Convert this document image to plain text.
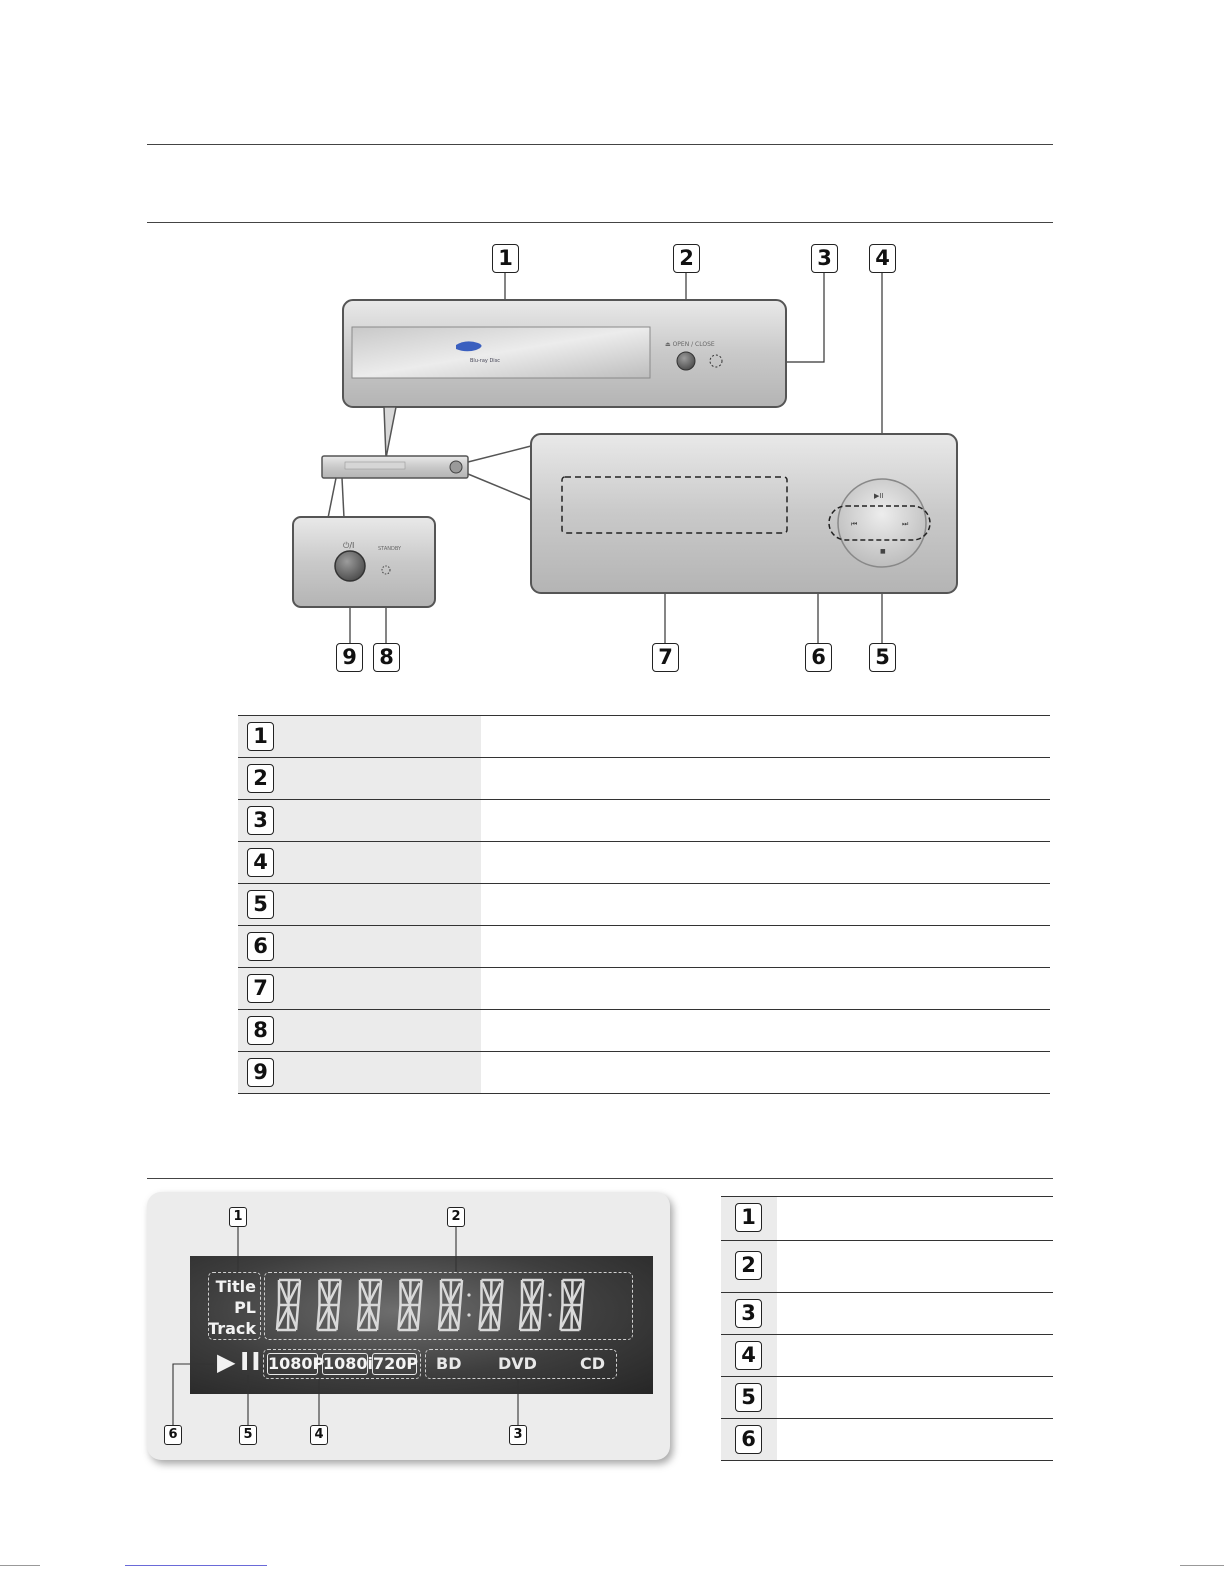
Blu-ray Disc
⏏ OPEN / CLOSE
⏻/I	STANDBY
▶II
⏮	⏭
■
1	2	3 4
9 8	7	6 5
1
2
3
4
5
6
7
8
9
Title
PL
Track
▶ II 1080P
1080i 720P BD DVD	CD
1	2
6	5	4	3
1
2
3
4
5
6
